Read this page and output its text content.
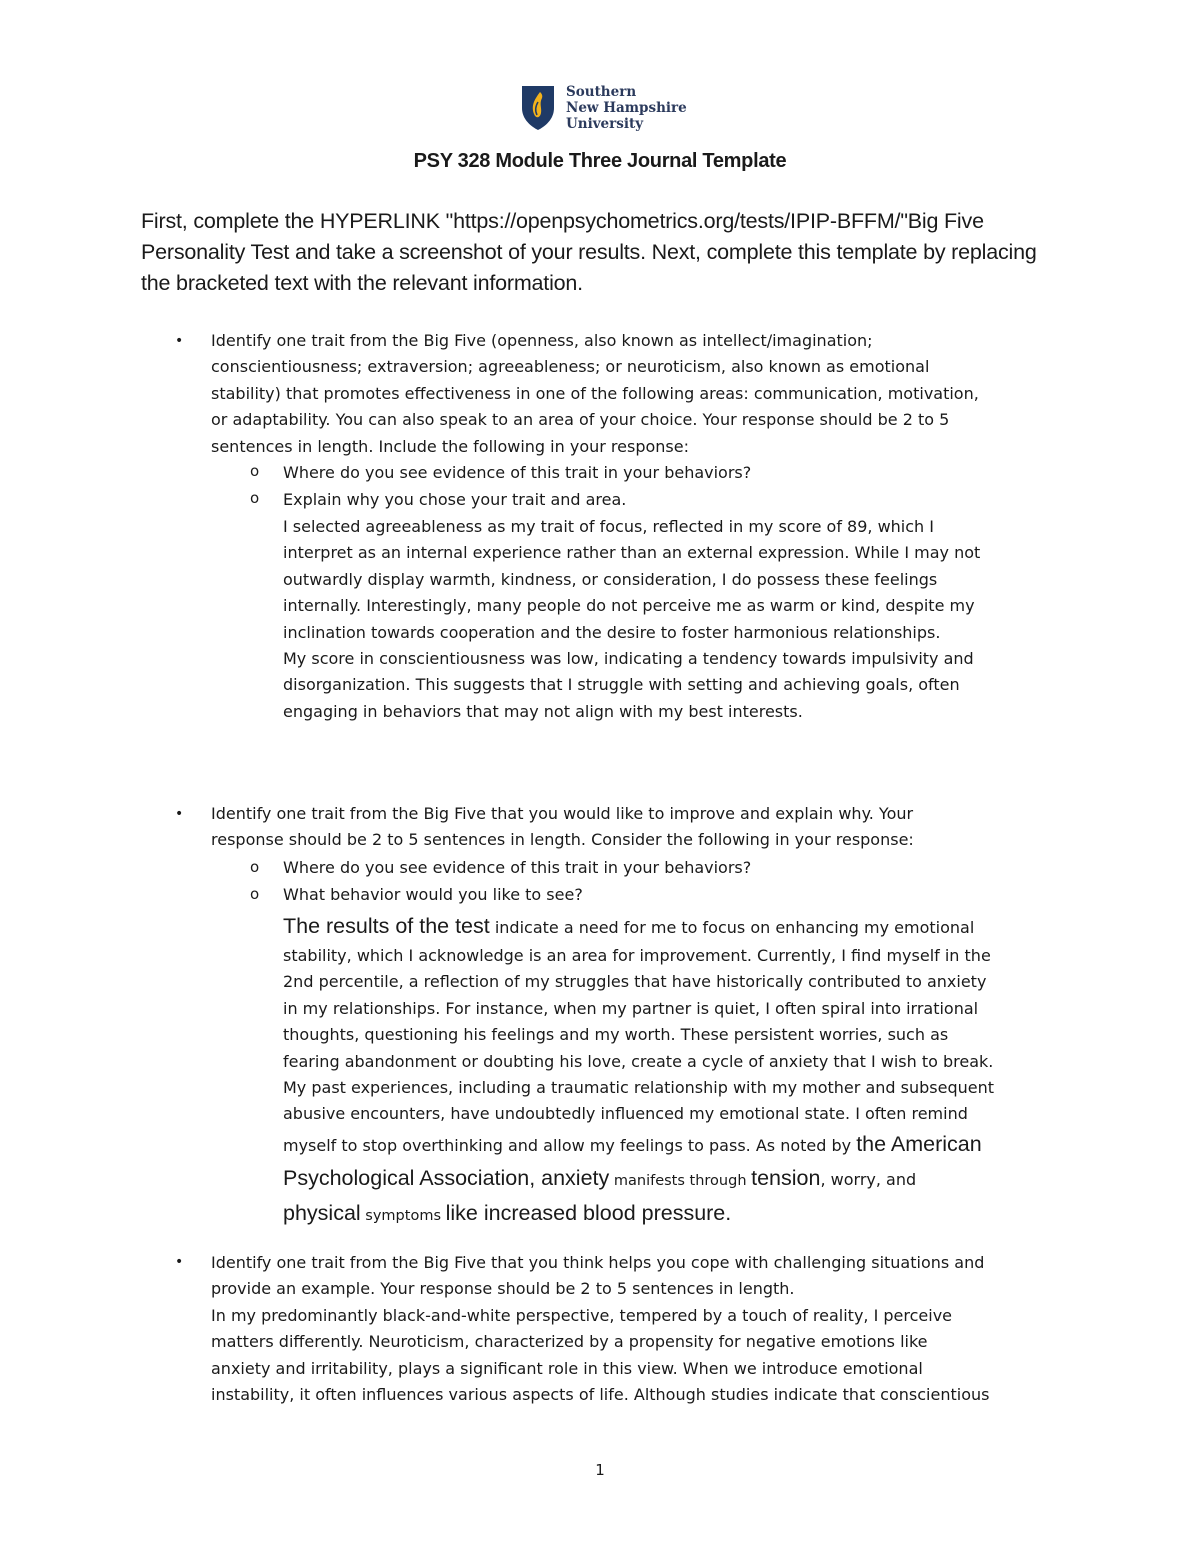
Southern
New Hampshire
University
PSY 328 Module Three Journal Template
First, complete the HYPERLINK "https://openpsychometrics.org/tests/IPIP-BFFM/"Big Five Personality Test and take a screenshot of your results. Next, complete this template by replacing the bracketed text with the relevant information.
• Identify one trait from the Big Five (openness, also known as intellect/imagination;
conscientiousness; extraversion; agreeableness; or neuroticism, also known as emotional
stability) that promotes effectiveness in one of the following areas: communication, motivation,
or adaptability. You can also speak to an area of your choice. Your response should be 2 to 5
sentences in length. Include the following in your response:
o Where do you see evidence of this trait in your behaviors?
o Explain why you chose your trait and area.
I selected agreeableness as my trait of focus, reflected in my score of 89, which I
interpret as an internal experience rather than an external expression. While I may not
outwardly display warmth, kindness, or consideration, I do possess these feelings
internally. Interestingly, many people do not perceive me as warm or kind, despite my
inclination towards cooperation and the desire to foster harmonious relationships.
My score in conscientiousness was low, indicating a tendency towards impulsivity and
disorganization. This suggests that I struggle with setting and achieving goals, often
engaging in behaviors that may not align with my best interests.
• Identify one trait from the Big Five that you would like to improve and explain why. Your
response should be 2 to 5 sentences in length. Consider the following in your response:
o Where do you see evidence of this trait in your behaviors?
o What behavior would you like to see?
The results of the test indicate a need for me to focus on enhancing my emotional
stability, which I acknowledge is an area for improvement. Currently, I find myself in the
2nd percentile, a reflection of my struggles that have historically contributed to anxiety
in my relationships. For instance, when my partner is quiet, I often spiral into irrational
thoughts, questioning his feelings and my worth. These persistent worries, such as
fearing abandonment or doubting his love, create a cycle of anxiety that I wish to break.
My past experiences, including a traumatic relationship with my mother and subsequent
abusive encounters, have undoubtedly influenced my emotional state. I often remind
myself to stop overthinking and allow my feelings to pass. As noted by the American
Psychological Association, anxiety manifests through tension, worry, and
physical symptoms like increased blood pressure.
• Identify one trait from the Big Five that you think helps you cope with challenging situations and
provide an example. Your response should be 2 to 5 sentences in length.
In my predominantly black-and-white perspective, tempered by a touch of reality, I perceive
matters differently. Neuroticism, characterized by a propensity for negative emotions like
anxiety and irritability, plays a significant role in this view. When we introduce emotional
instability, it often influences various aspects of life. Although studies indicate that conscientious
1
